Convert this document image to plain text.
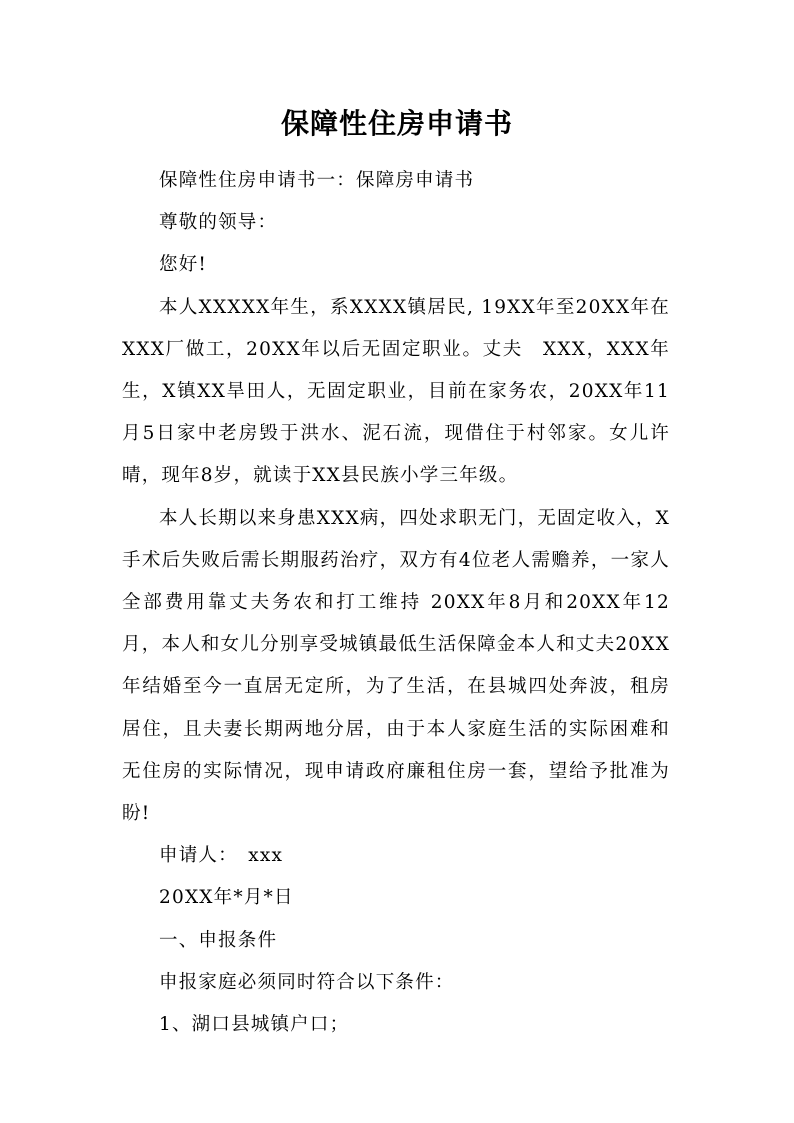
保障性住房申请书

保障性住房申请书一：保障房申请书

尊敬的领导：

您好!

本人XXXXX年生，系XXXX镇居民, 19XX年至20XX年在XXX厂做工，20XX年以后无固定职业。丈夫　XXX，XXX年生，X镇XX旱田人，无固定职业，目前在家务农，20XX年11月5日家中老房毁于洪水、泥石流，现借住于村邻家。女儿许晴，现年8岁，就读于XX县民族小学三年级。

本人长期以来身患XXX病，四处求职无门，无固定收入，X手术后失败后需长期服药治疗，双方有4位老人需赡养，一家人全部费用靠丈夫务农和打工维持 20XX年8月和20XX年12月，本人和女儿分别享受城镇最低生活保障金本人和丈夫20XX年结婚至今一直居无定所，为了生活，在县城四处奔波，租房居住，且夫妻长期两地分居，由于本人家庭生活的实际困难和无住房的实际情况，现申请政府廉租住房一套，望给予批准为盼!

申请人：　xxx

20XX年*月*日

一、申报条件

申报家庭必须同时符合以下条件：

1、湖口县城镇户口；
